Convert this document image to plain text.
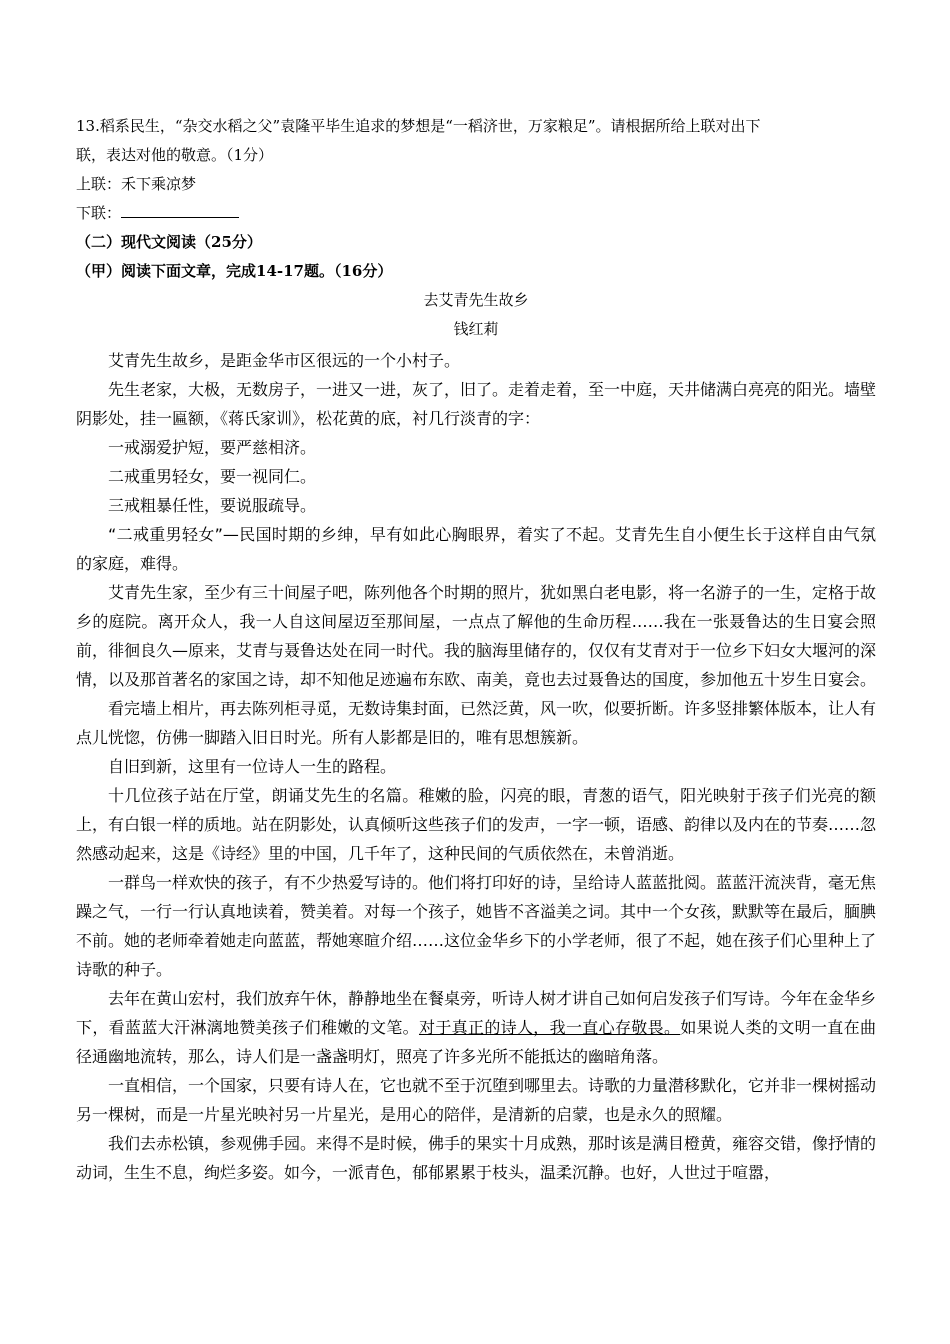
13.稻系民生，“杂交水稻之父”袁隆平毕生追求的梦想是“一稻济世，万家粮足”。请根据所给上联对出下

联，表达对他的敬意。（1分）

上联：禾下乘凉梦

下联：

（二）现代文阅读（25分）

（甲）阅读下面文章，完成14-17题。（16分）

去艾青先生故乡

钱红莉

艾青先生故乡，是距金华市区很远的一个小村子。

先生老家，大极，无数房子，一进又一进，灰了，旧了。走着走着，至一中庭，天井储满白亮亮的阳光。墙壁阴影处，挂一匾额，《蒋氏家训》，松花黄的底，衬几行淡青的字：

一戒溺爱护短，要严慈相济。

二戒重男轻女，要一视同仁。

三戒粗暴任性，要说服疏导。

“二戒重男轻女”—民国时期的乡绅，早有如此心胸眼界，着实了不起。艾青先生自小便生长于这样自由气氛的家庭，难得。

艾青先生家，至少有三十间屋子吧，陈列他各个时期的照片，犹如黑白老电影，将一名游子的一生，定格于故乡的庭院。离开众人，我一人自这间屋迈至那间屋，一点点了解他的生命历程……我在一张聂鲁达的生日宴会照前，徘徊良久—原来，艾青与聂鲁达处在同一时代。我的脑海里储存的，仅仅有艾青对于一位乡下妇女大堰河的深情，以及那首著名的家国之诗，却不知他足迹遍布东欧、南美，竟也去过聂鲁达的国度，参加他五十岁生日宴会。

看完墙上相片，再去陈列柜寻觅，无数诗集封面，已然泛黄，风一吹，似要折断。许多竖排繁体版本，让人有点儿恍惚，仿佛一脚踏入旧日时光。所有人影都是旧的，唯有思想簇新。

自旧到新，这里有一位诗人一生的路程。

十几位孩子站在厅堂，朗诵艾先生的名篇。稚嫩的脸，闪亮的眼，青葱的语气，阳光映射于孩子们光亮的额上，有白银一样的质地。站在阴影处，认真倾听这些孩子们的发声，一字一顿，语感、韵律以及内在的节奏……忽然感动起来，这是《诗经》里的中国，几千年了，这种民间的气质依然在，未曾消逝。

一群鸟一样欢快的孩子，有不少热爱写诗的。他们将打印好的诗，呈给诗人蓝蓝批阅。蓝蓝汗流浃背，毫无焦躁之气，一行一行认真地读着，赞美着。对每一个孩子，她皆不吝溢美之词。其中一个女孩，默默等在最后，腼腆不前。她的老师牵着她走向蓝蓝，帮她寒暄介绍……这位金华乡下的小学老师，很了不起，她在孩子们心里种上了诗歌的种子。

去年在黄山宏村，我们放弃午休，静静地坐在餐桌旁，听诗人树才讲自己如何启发孩子们写诗。今年在金华乡下，看蓝蓝大汗淋漓地赞美孩子们稚嫩的文笔。对于真正的诗人，我一直心存敬畏。如果说人类的文明一直在曲径通幽地流转，那么，诗人们是一盏盏明灯，照亮了许多光所不能抵达的幽暗角落。

一直相信，一个国家，只要有诗人在，它也就不至于沉堕到哪里去。诗歌的力量潜移默化，它并非一棵树摇动另一棵树，而是一片星光映衬另一片星光，是用心的陪伴，是清新的启蒙，也是永久的照耀。

我们去赤松镇，参观佛手园。来得不是时候，佛手的果实十月成熟，那时该是满目橙黄，雍容交错，像抒情的动词，生生不息，绚烂多姿。如今，一派青色，郁郁累累于枝头，温柔沉静。也好，人世过于喧嚣，
